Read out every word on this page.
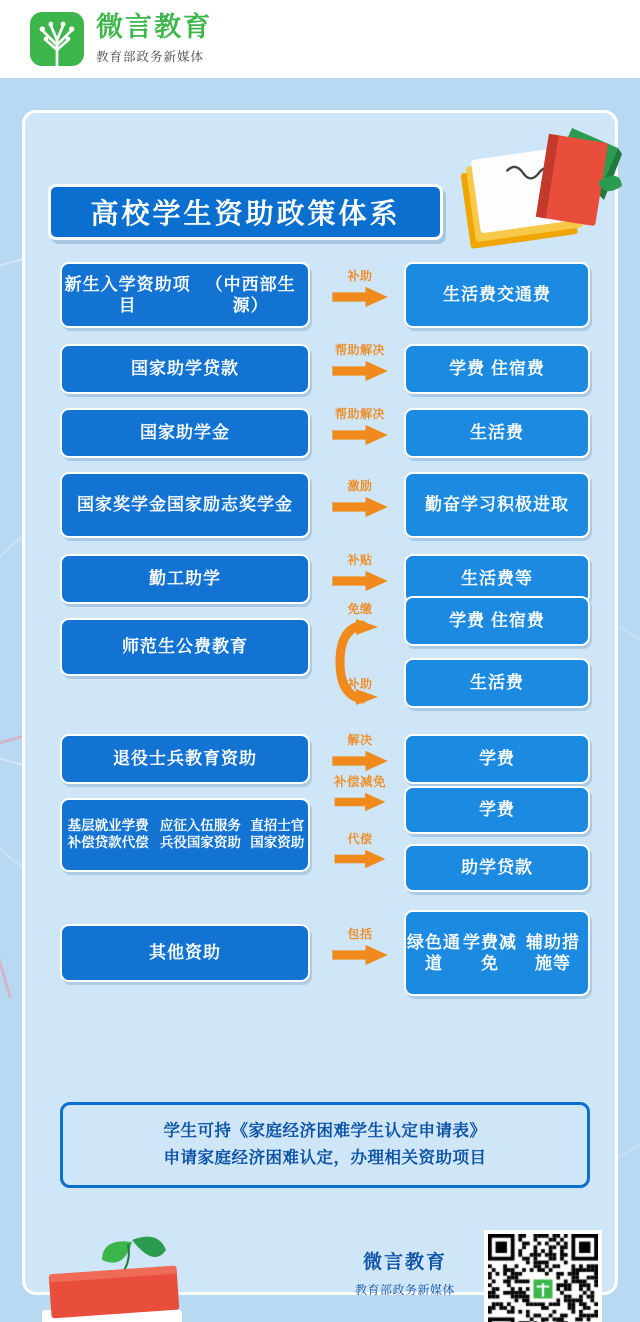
微言教育
教育部政务新媒体
高校学生资助政策体系
新生入学资助项目
（中西部生源）
补助
生活费 交通费
国家助学贷款
帮助解决
学费 住宿费
国家助学金
帮助解决
生活费
国家奖学金 国家励志奖学金
激励
勤奋学习 积极进取
勤工助学
补贴
生活费等
师范生公费教育
免缴
补助
学费 住宿费
生活费
退役士兵教育资助
解决
学费
基层就业学费补偿贷款代偿
应征入伍服务兵役国家资助
直招士官国家资助
补偿减免
代偿
学费
助学贷款
其他资助
包括	绿色通道
学费减免
辅助措施等
学生可持《家庭经济困难学生认定申请表》
申请家庭经济困难认定，办理相关资助项目
微言教育
教育部政务新媒体
